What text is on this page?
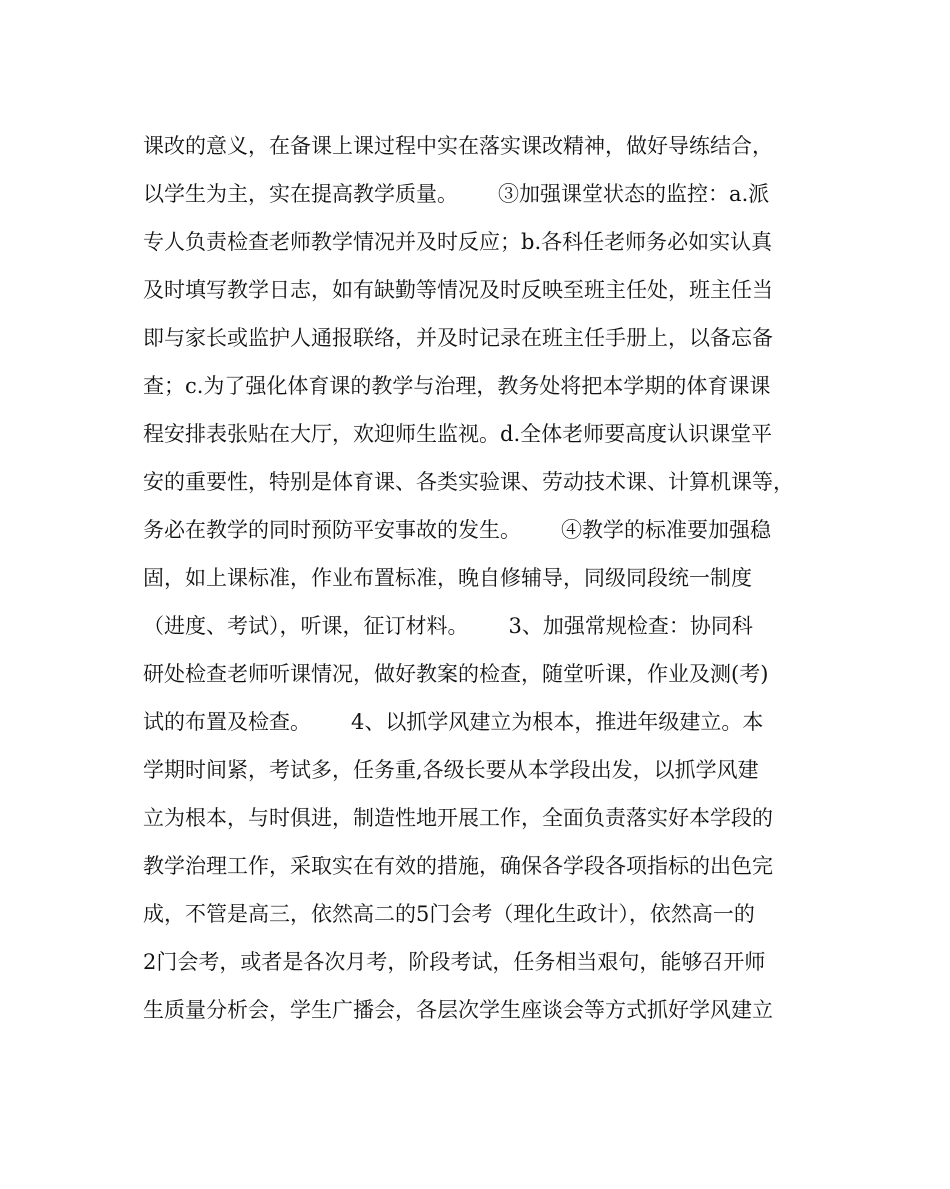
课改的意义，在备课上课过程中实在落实课改精神，做好导练结合，
以学生为主，实在提高教学质量。      ③加强课堂状态的监控：a.派
专人负责检查老师教学情况并及时反应；b.各科任老师务必如实认真
及时填写教学日志，如有缺勤等情况及时反映至班主任处，班主任当
即与家长或监护人通报联络，并及时记录在班主任手册上，以备忘备
查；c.为了强化体育课的教学与治理，教务处将把本学期的体育课课
程安排表张贴在大厅，欢迎师生监视。d.全体老师要高度认识课堂平
安的重要性，特别是体育课、各类实验课、劳动技术课、计算机课等，
务必在教学的同时预防平安事故的发生。      ④教学的标准要加强稳
固，如上课标准，作业布置标准，晚自修辅导，同级同段统一制度
（进度、考试），听课，征订材料。      3、加强常规检查：协同科
研处检查老师听课情况，做好教案的检查，随堂听课，作业及测(考)
试的布置及检查。      4、以抓学风建立为根本，推进年级建立。本
学期时间紧，考试多，任务重,各级长要从本学段出发，以抓学风建
立为根本，与时俱进，制造性地开展工作，全面负责落实好本学段的
教学治理工作，采取实在有效的措施，确保各学段各项指标的出色完
成，不管是高三，依然高二的5门会考（理化生政计），依然高一的
2门会考，或者是各次月考，阶段考试，任务相当艰句，能够召开师
生质量分析会，学生广播会，各层次学生座谈会等方式抓好学风建立
